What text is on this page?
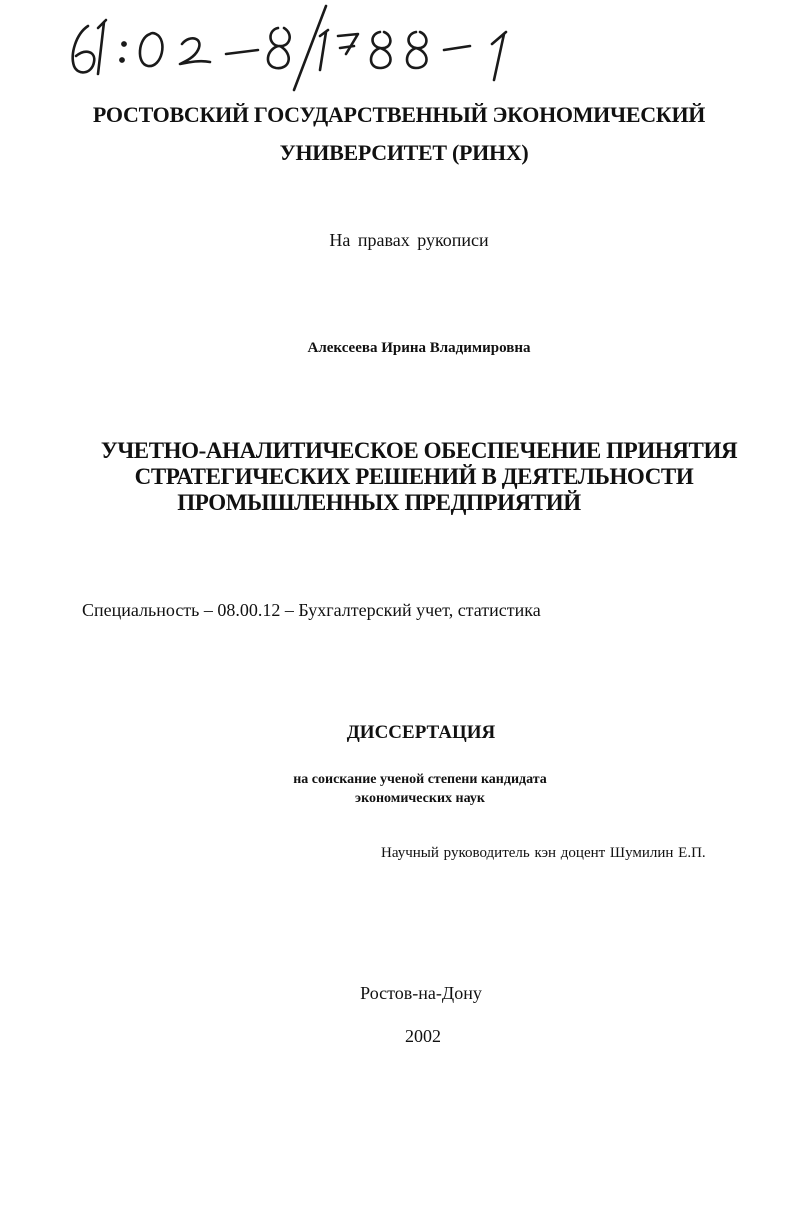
РОСТОВСКИЙ ГОСУДАРСТВЕННЫЙ ЭКОНОМИЧЕСКИЙ
УНИВЕРСИТЕТ (РИНХ)
На правах рукописи
Алексеева Ирина Владимировна
УЧЕТНО-АНАЛИТИЧЕСКОЕ ОБЕСПЕЧЕНИЕ ПРИНЯТИЯ
СТРАТЕГИЧЕСКИХ РЕШЕНИЙ В ДЕЯТЕЛЬНОСТИ
ПРОМЫШЛЕННЫХ ПРЕДПРИЯТИЙ
Специальность – 08.00.12 – Бухгалтерский учет, статистика
ДИССЕРТАЦИЯ
на соискание ученой степени кандидата
экономических наук
Научный руководитель кэн доцент Шумилин Е.П.
Ростов-на-Дону
2002
